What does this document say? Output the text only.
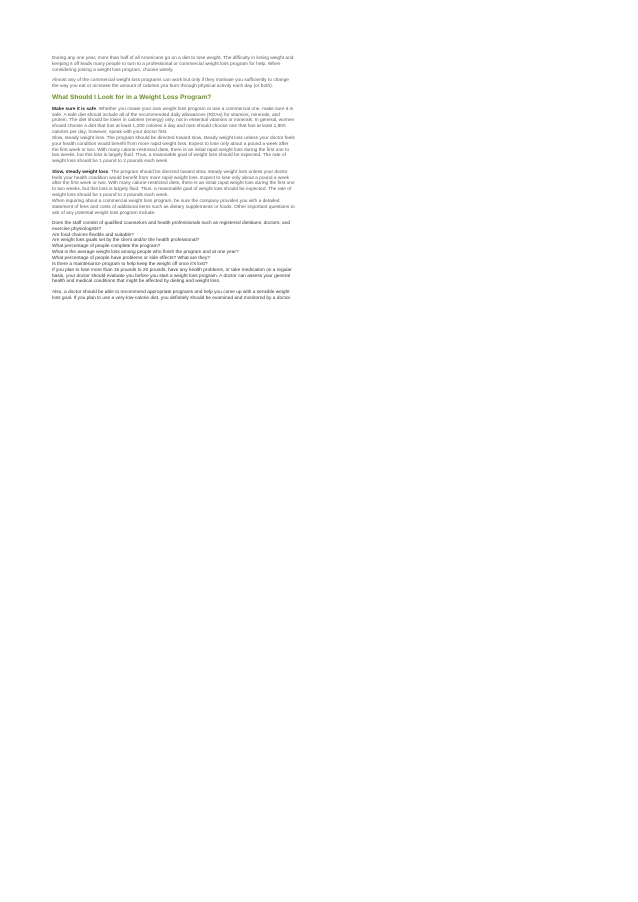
During any one year, more than half of all Americans go on a diet to lose weight. The difficulty in losing weight and keeping it off leads many people to turn to a professional or commercial weight loss program for help. When considering joining a weight loss program, choose wisely.

Almost any of the commercial weight loss programs can work but only if they motivate you sufficiently to change the way you eat or increase the amount of calories you burn through physical activity each day (or both).

What Should I Look for in a Weight Loss Program?

Make sure it is safe. Whether you create your own weight loss program or use a commercial one, make sure it is safe. A safe diet should include all of the recommended daily allowances (RDAs) for vitamins, minerals, and protein. The diet should be lower in calories (energy) only, not in essential vitamins or minerals. In general, women should choose a diet that has at least 1,200 calories a day and men should choose one that has at least 1,800 calories per day; however, speak with your doctor first.

Slow, steady weight loss. The program should be directed toward slow, steady weight loss unless your doctor feels your health condition would benefit from more rapid weight loss. Expect to lose only about a pound a week after the first week or two. With many calorie-restricted diets, there is an initial rapid weight loss during the first one to two weeks, but this loss is largely fluid. Thus, a reasonable goal of weight loss should be expected. The rate of weight loss should be 1 pound to 2 pounds each week.

Slow, steady weight loss. The program should be directed toward slow, steady weight loss unless your doctor feels your health condition would benefit from more rapid weight loss. Expect to lose only about a pound a week after the first week or two. With many calorie-restricted diets, there is an initial rapid weight loss during the first one to two weeks, but this loss is largely fluid. Thus, a reasonable goal of weight loss should be expected. The rate of weight loss should be 1 pound to 2 pounds each week.

When inquiring about a commercial weight loss program, be sure the company provides you with a detailed statement of fees and costs of additional items such as dietary supplements or foods. Other important questions to ask of any potential weight loss program include:

Does the staff consist of qualified counselors and health professionals such as registered dietitians, doctors, and exercise physiologists?

Are food choices flexible and suitable?

Are weight loss goals set by the client and/or the health professional?

What percentage of people complete the program?

What is the average weight loss among people who finish the program and at one year?

What percentage of people have problems or side effects? What are they?

Is there a maintenance program to help keep the weight off once it's lost?

If you plan to lose more than 15 pounds to 20 pounds, have any health problems, or take medication on a regular basis, your doctor should evaluate you before you start a weight loss program. A doctor can assess your general health and medical conditions that might be affected by dieting and weight loss.

Also, a doctor should be able to recommend appropriate programs and help you come up with a sensible weight loss goal. If you plan to use a very-low-calorie diet, you definitely should be examined and monitored by a doctor.
